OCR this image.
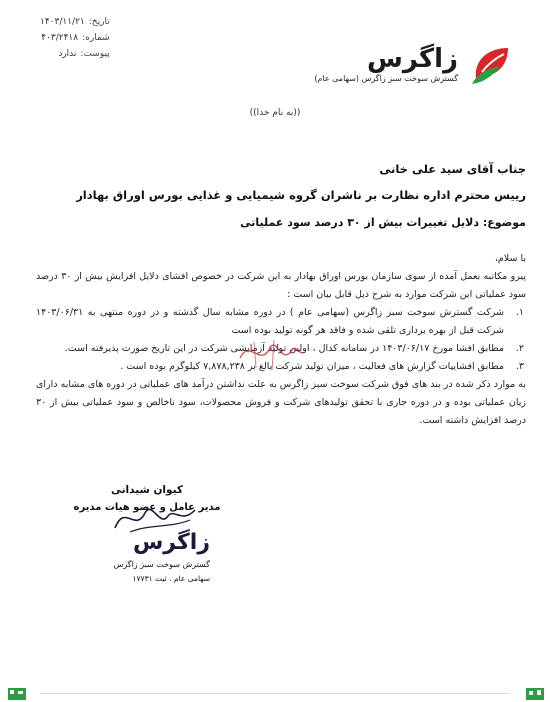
تاریخ:
۱۴۰۳/۱۱/۲۱
شماره:
۴۰۳/۲۴۱۸
پیوست:
ندارد	زاگرس
گسترش سوخت سبز زاگرس (سهامی عام)
((به نام خدا))
جناب آقای سید علی خانی
رییس محترم اداره نظارت بر ناشران گروه شیمیایی و غذایی بورس اوراق بهادار
موضوع: دلایل تغییرات بیش از ۳۰ درصد سود عملیاتی

با سلام،

پیرو مکاتبه بعمل آمده از سوی سازمان بورس اوراق بهادار به این شرکت در خصوص افشای دلایل افزایش بیش از ۳۰ درصد سود عملیاتی این شرکت موارد به شرح ذیل قابل بیان است :

۱.
شرکت گسترش سوخت سبز زاگرس (سهامی عام ) در دوره مشابه سال گذشته و در دوره منتهی به ۱۴۰۳/۰۶/۳۱ شرکت قبل از بهره برداری تلقی شده و فاقد هر گونه تولید بوده است
۲.
مطابق افشا مورخ ۱۴۰۳/۰۶/۱۷ در سامانه کدال ، اولین تولید آزمایشی شرکت در این تاریخ صورت پذیرفته است.
۳.
مطابق افشاییات گزارش های فعالیت ، میزان تولید شرکت بالغ بر ۷,۸۷۸,۲۳۸ کیلوگرم بوده است .

به موارد ذکر شده در بند های فوق شرکت سوخت سبز زاگرس به علت نداشتن درآمد های عملیاتی در دوره های مشابه دارای زیان عملیاتی بوده و در دوره جاری با تحقق تولیدهای شرکت و فروش محصولات، سود ناخالص و سود عملیاتی بیش از ۳۰ درصد افزایش داشته است.

کیوان شیدانی
مدیر عامل و عضو هیات مدیره
زاگرس
گسترش سوخت سبز زاگرس
سهامی عام . ثبت ۱۷۷۳۱
